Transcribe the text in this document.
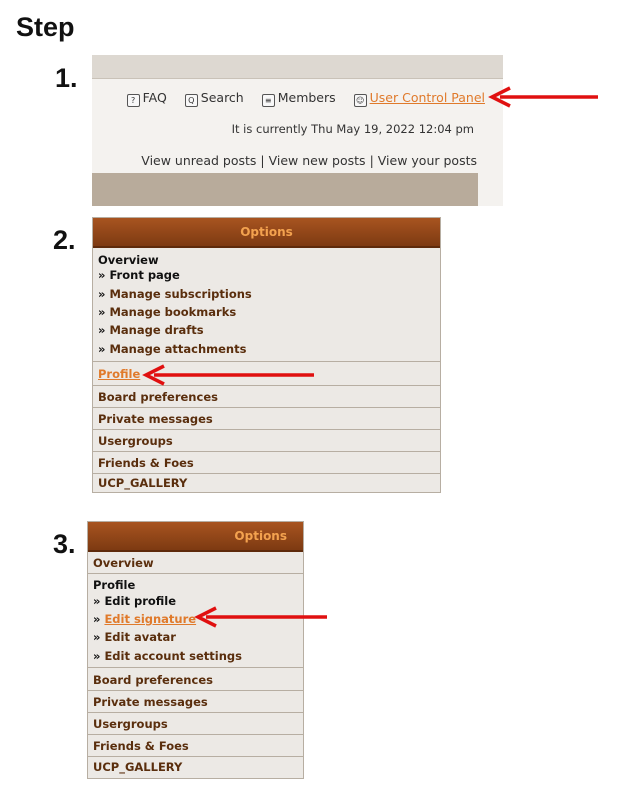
Step
1.
? FAQ	Q Search	≡ Members	☺ User Control Panel
It is currently Thu May 19, 2022 12:04 pm
View unread posts | View new posts | View your posts
2.	Options
Overview
» Front page
» Manage subscriptions
» Manage bookmarks
» Manage drafts
» Manage attachments
Profile
Board preferences
Private messages
Usergroups
Friends & Foes
UCP_GALLERY
3.	Options
Overview
Profile
» Edit profile
» Edit signature
» Edit avatar
» Edit account settings
Board preferences
Private messages
Usergroups
Friends & Foes
UCP_GALLERY
